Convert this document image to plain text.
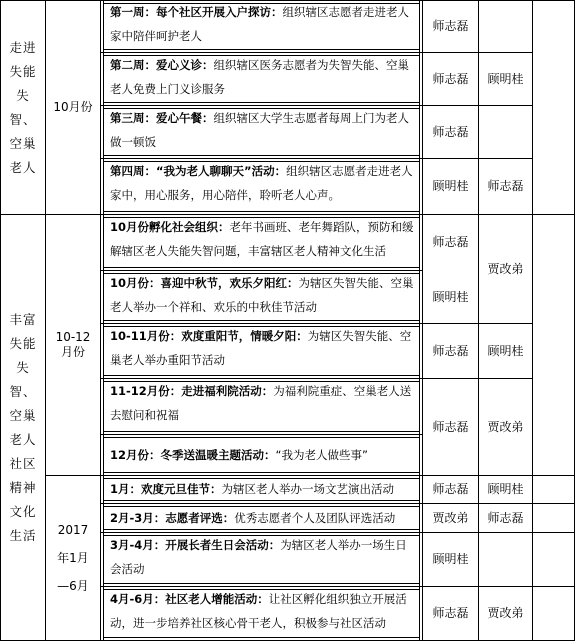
走进失能失智、空巢老人
10月份
第一周：每个社区开展入户探访：组织辖区志愿者走进老人家中陪伴呵护老人
第二周：爱心义诊：组织辖区医务志愿者为失智失能、空巢老人免费上门义诊服务
第三周：爱心午餐：组织辖区大学生志愿者每周上门为老人做一顿饭
第四周：“我为老人聊聊天”活动：组织辖区志愿者走进老人家中，用心服务，用心陪伴，聆听老人心声。
师志磊
师志磊
师志磊
顾明桂
顾明桂
师志磊
丰富失能失智、空巢老人社区精神文化生活
10-12月份
10月份孵化社会组织：老年书画班、老年舞蹈队，预防和缓解辖区老人失能失智问题，丰富辖区老人精神文化生活
10月份：喜迎中秋节，欢乐夕阳红：为辖区失智失能、空巢老人举办一个祥和、欢乐的中秋佳节活动
10-11月份：欢度重阳节，情暖夕阳：为辖区失智失能、空巢老人举办重阳节活动
11-12月份：走进福利院活动：为福利院重症、空巢老人送去慰问和祝福
12月份：冬季送温暖主题活动：“我为老人做些事”
师志磊
顾明桂
师志磊
师志磊
贾改弟
顾明桂
贾改弟
2017年1月—6月
1月：欢度元旦佳节：为辖区老人举办一场文艺演出活动
2月-3月：志愿者评选：优秀志愿者个人及团队评选活动
3月-4月：开展长者生日会活动：为辖区老人举办一场生日会活动
4月-6月：社区老人增能活动：让社区孵化组织独立开展活动，进一步培养社区核心骨干老人，积极参与社区活动
师志磊
贾改弟
顾明桂
师志磊
顾明桂
师志磊
贾改弟
